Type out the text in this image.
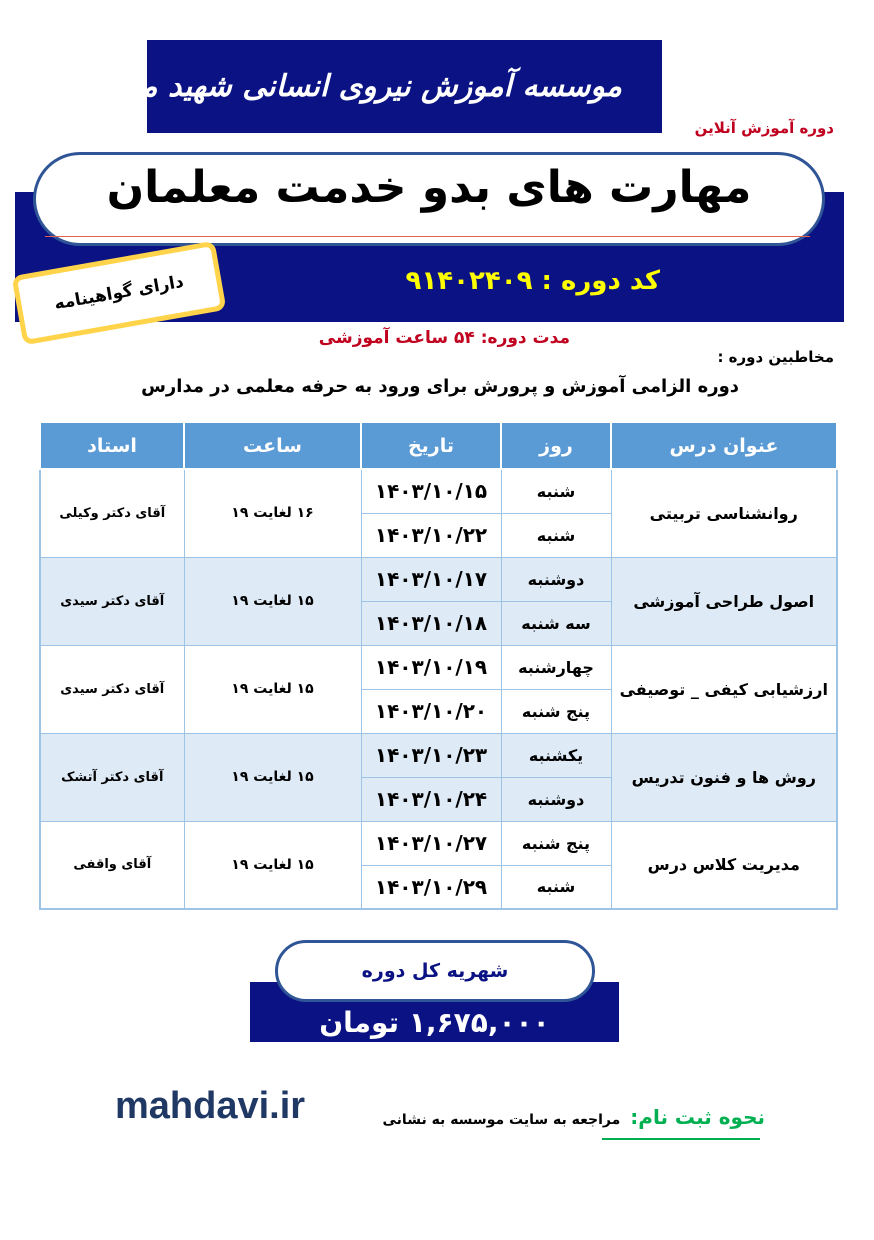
موسسه آموزش نیروی انسانی شهید مهدوی
دوره آموزش آنلاین
مهارت های بدو خدمت معلمان
کد دوره : ۹۱۴۰۲۴۰۹
دارای گواهینامه
مدت دوره: ۵۴ ساعت آموزشی
مخاطبین دوره :
دوره الزامی آموزش و پرورش برای ورود به حرفه معلمی در مدارس
عنوان درس	روز	تاریخ	ساعت	استاد
روانشناسی تربیتی	شنبه	۱۴۰۳/۱۰/۱۵	۱۶ لغایت ۱۹	آقای دکتر وکیلی
	شنبه	۱۴۰۳/۱۰/۲۲		
اصول طراحی آموزشی	دوشنبه	۱۴۰۳/۱۰/۱۷	۱۵ لغایت ۱۹	آقای دکتر سیدی
	سه شنبه	۱۴۰۳/۱۰/۱۸		
ارزشیابی کیفی _ توصیفی	چهارشنبه	۱۴۰۳/۱۰/۱۹	۱۵ لغایت ۱۹	آقای دکتر سیدی
	پنج شنبه	۱۴۰۳/۱۰/۲۰		
روش ها و فنون تدریس	یکشنبه	۱۴۰۳/۱۰/۲۳	۱۵ لغایت ۱۹	آقای دکتر آتشک
	دوشنبه	۱۴۰۳/۱۰/۲۴		
مدیریت کلاس درس	پنج شنبه	۱۴۰۳/۱۰/۲۷	۱۵ لغایت ۱۹	آقای واقفی
	شنبه	۱۴۰۳/۱۰/۲۹		
شهریه کل دوره
۱,۶۷۵,۰۰۰ تومان
mahdavi.ir	نحوه ثبت نام:
مراجعه به سایت موسسه به نشانی
